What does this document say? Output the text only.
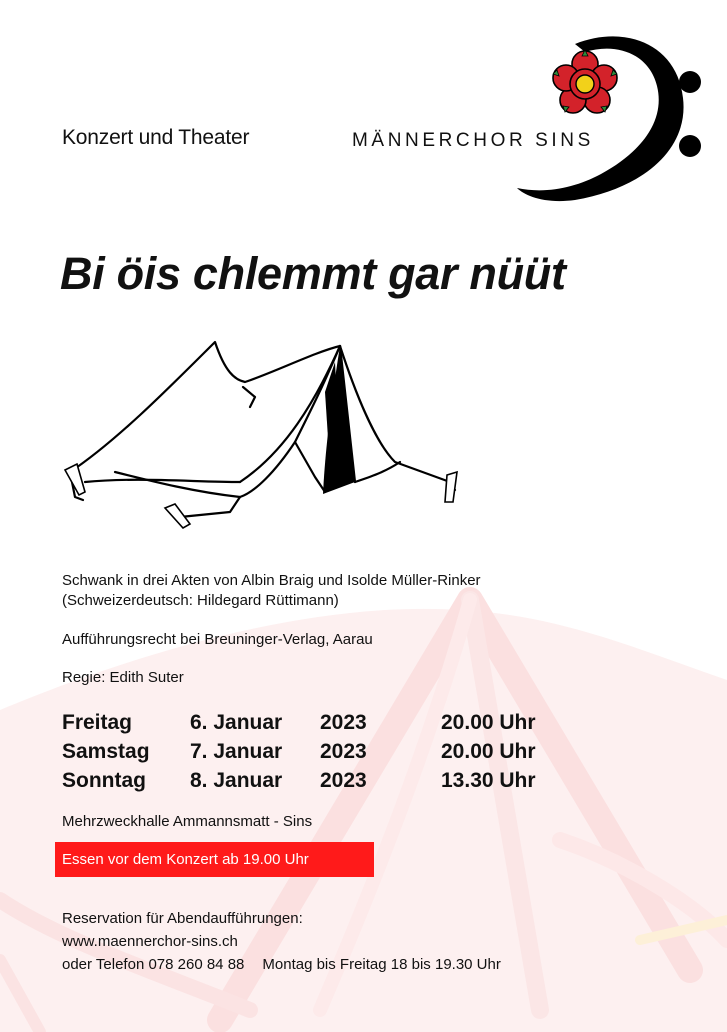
Konzert und Theater	MÄNNERCHOR SINS
Bi öis chlemmt gar nüüt
Schwank in drei Akten von Albin Braig und Isolde Müller-Rinker
(Schweizerdeutsch: Hildegard Rüttimann)
Aufführungsrecht bei Breuninger-Verlag, Aarau
Regie: Edith Suter
Freitag	6. Januar 2023	20.00 Uhr
Samstag 7. Januar 2023	20.00 Uhr
Sonntag 8. Januar 2023	13.30 Uhr
Mehrzweckhalle Ammannsmatt - Sins
Essen vor dem Konzert ab 19.00 Uhr
Reservation für Abendaufführungen:
www.maennerchor-sins.ch
oder Telefon 078 260 84 88 Montag bis Freitag 18 bis 19.30 Uhr
